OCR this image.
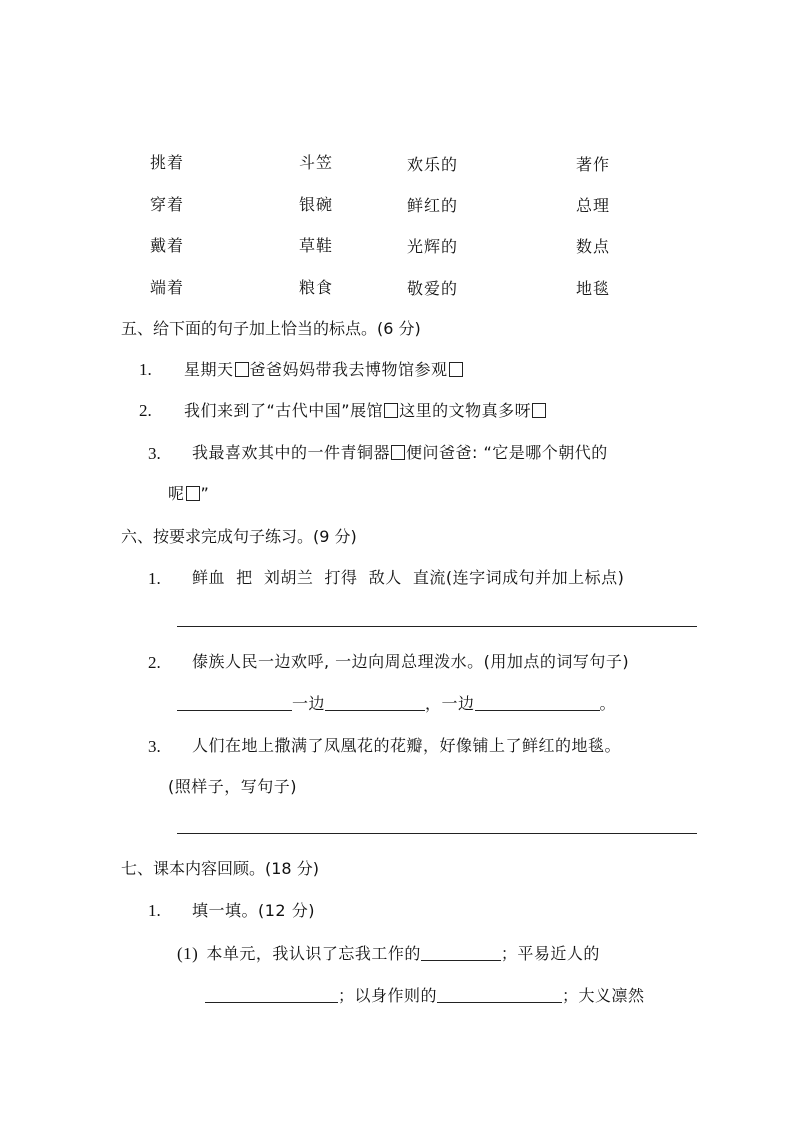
挑着	斗笠	欢乐的	著作
穿着	银碗	鲜红的	总理
戴着	草鞋	光辉的	数点
端着	粮食	敬爱的	地毯
五、给下面的句子加上恰当的标点。(6 分)
1. 星期天 爸爸妈妈带我去博物馆参观
2. 我们来到了“古代中国”展馆 这里的文物真多呀
3. 我最喜欢其中的一件青铜器 便问爸爸: “它是哪个朝代的
呢 ”
六、按要求完成句子练习。(9 分)
1. 鲜血  把  刘胡兰  打得  敌人  直流(连字词成句并加上标点)
2. 傣族人民一边欢呼, 一边向周总理泼水。(用加点的词写句子)
一边	，一边	。
3. 人们在地上撒满了凤凰花的花瓣，好像铺上了鲜红的地毯。
(照样子，写句子)
七、课本内容回顾。(18 分)
1. 填一填。(12 分)
(1) 本单元，我认识了忘我工作的	；平易近人的
；以身作则的	；大义凛然
